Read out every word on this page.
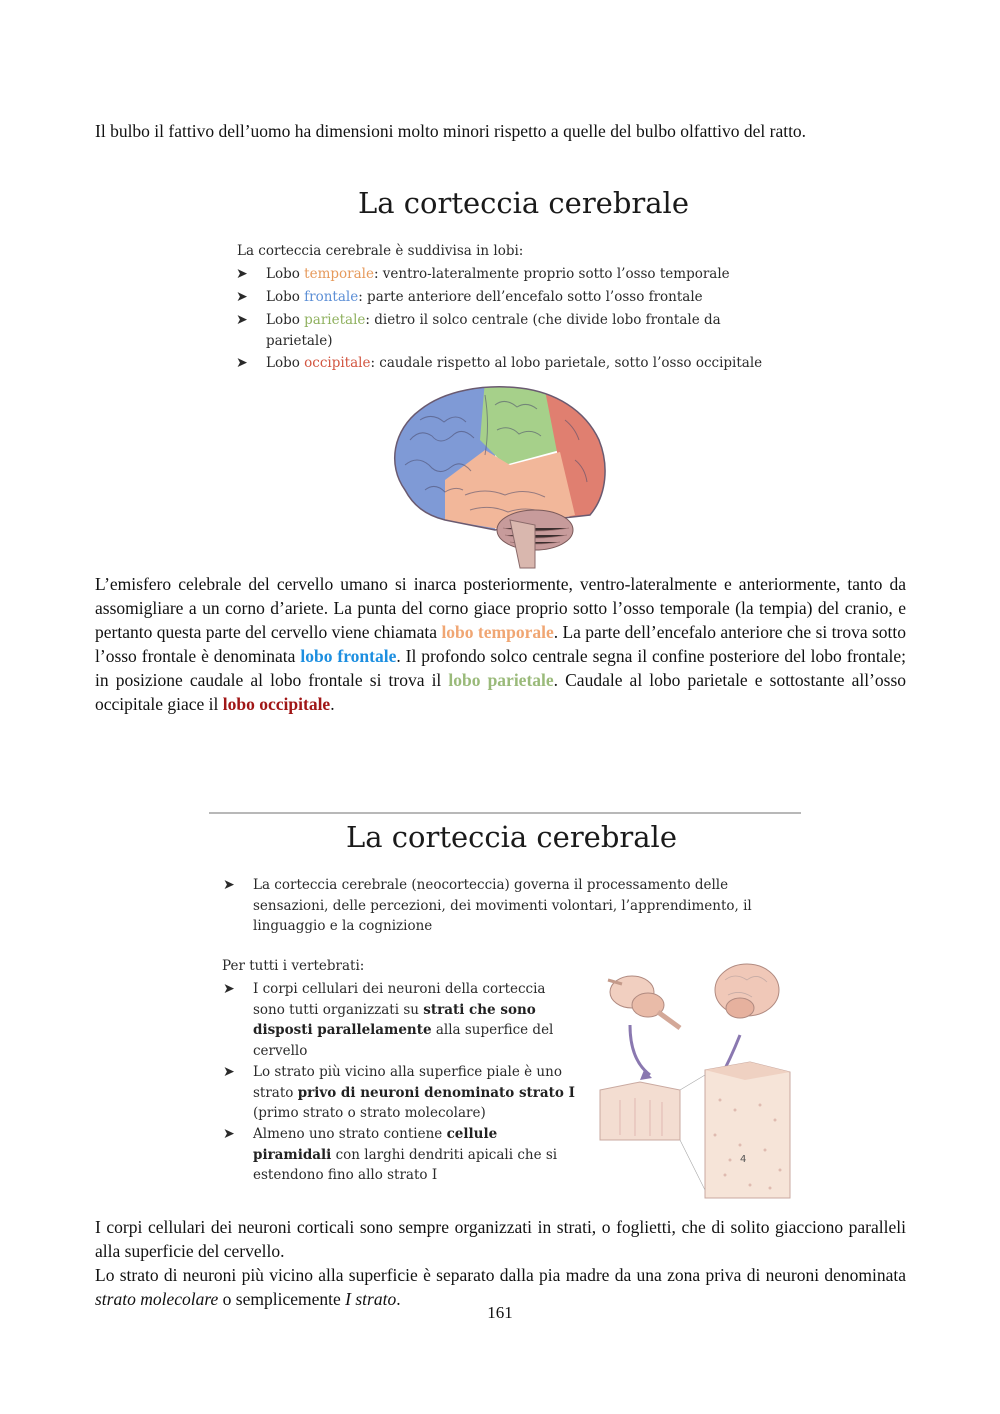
Il bulbo il fattivo dell’uomo ha dimensioni molto minori rispetto a quelle del bulbo olfattivo del ratto.

La corteccia cerebrale
La corteccia cerebrale è suddivisa in lobi:
➤ Lobo temporale: ventro-lateralmente proprio sotto l’osso temporale
➤ Lobo frontale: parte anteriore dell’encefalo sotto l’osso frontale
➤ Lobo parietale: dietro il solco centrale (che divide lobo frontale da parietale)
➤ Lobo occipitale: caudale rispetto al lobo parietale, sotto l’osso occipitale

L’emisfero celebrale del cervello umano si inarca posteriormente, ventro-lateralmente e anteriormente, tanto da assomigliare a un corno d’ariete. La punta del corno giace proprio sotto l’osso temporale (la tempia) del cranio, e pertanto questa parte del cervello viene chiamata lobo temporale. La parte dell’encefalo anteriore che si trova sotto l’osso frontale è denominata lobo frontale. Il profondo solco centrale segna il confine posteriore del lobo frontale; in posizione caudale al lobo frontale si trova il lobo parietale. Caudale al lobo parietale e sottostante all’osso occipitale giace il lobo occipitale.

La corteccia cerebrale
➤ La corteccia cerebrale (neocorteccia) governa il processamento delle sensazioni, delle percezioni, dei movimenti volontari, l’apprendimento, il linguaggio e la cognizione
Per tutti i vertebrati:
➤ I corpi cellulari dei neuroni della corteccia sono tutti organizzati su strati che sono disposti parallelamente alla superfice del cervello
➤ Lo strato più vicino alla superfice piale è uno strato privo di neuroni denominato strato I (primo strato o strato molecolare)
➤ Almeno uno strato contiene cellule piramidali con larghi dendriti apicali che si estendono fino allo strato I
4

I corpi cellulari dei neuroni corticali sono sempre organizzati in strati, o foglietti, che di solito giacciono paralleli alla superficie del cervello.

Lo strato di neuroni più vicino alla superficie è separato dalla pia madre da una zona priva di neuroni denominata strato molecolare o semplicemente I strato.

161
